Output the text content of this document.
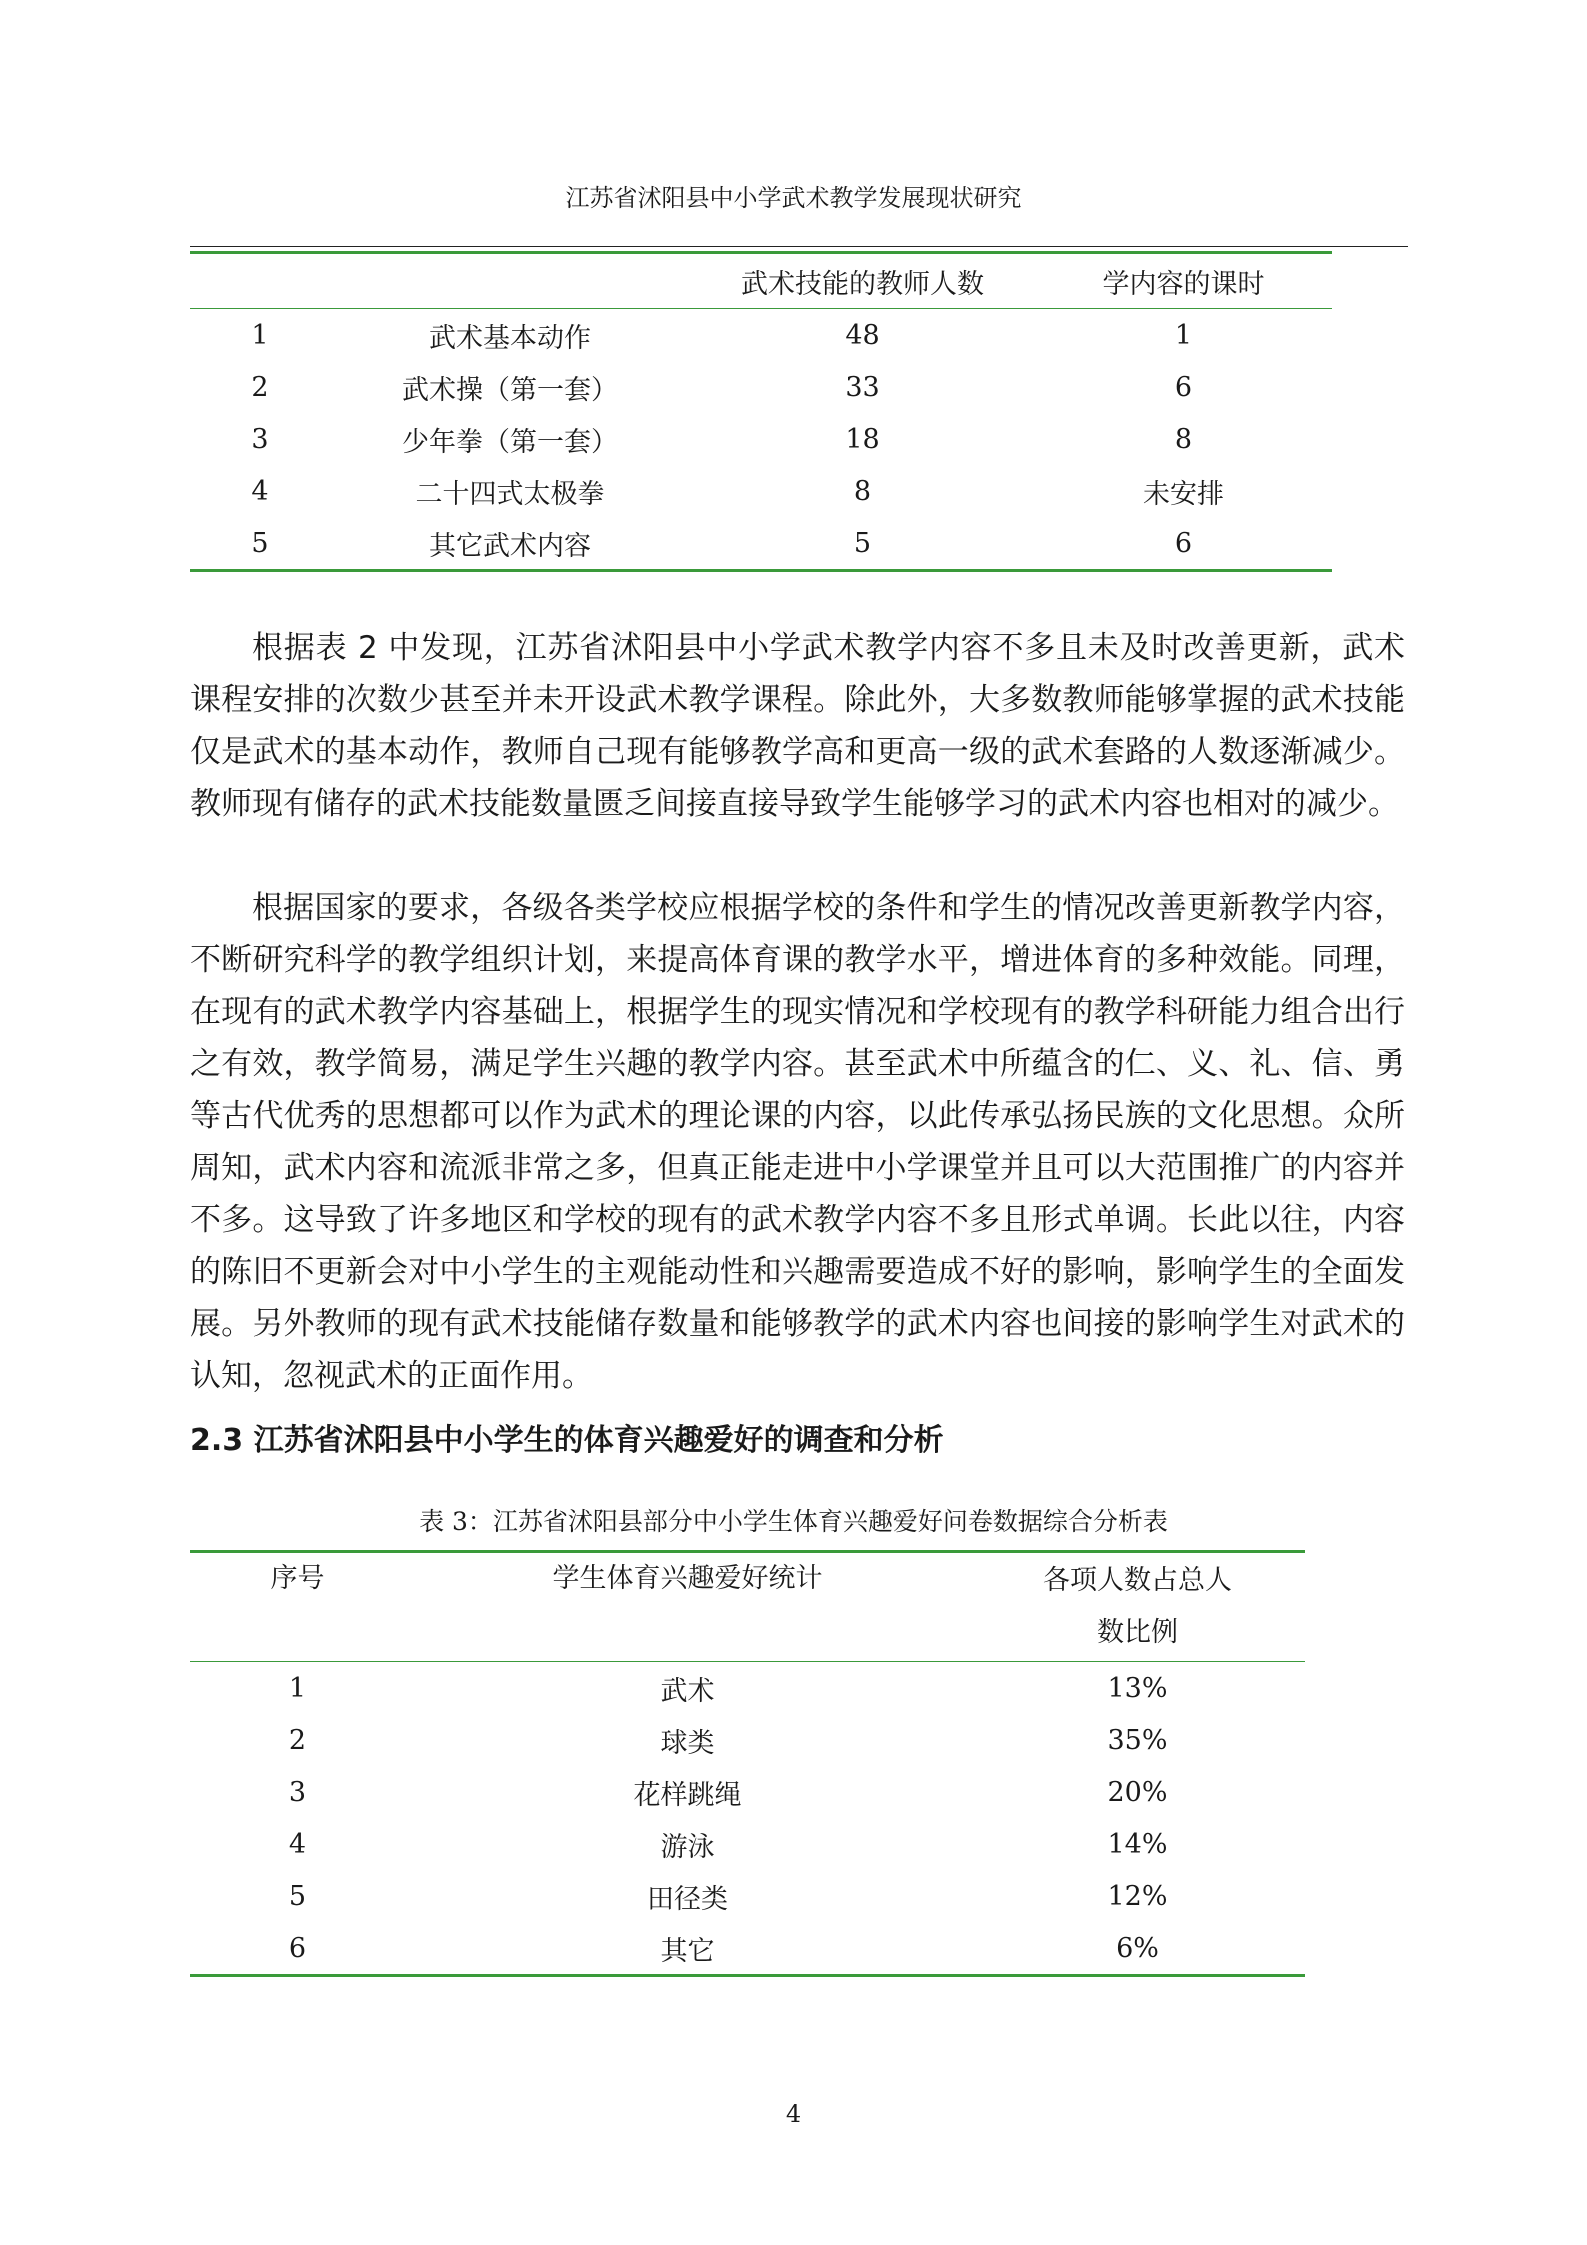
江苏省沭阳县中小学武术教学发展现状研究
		武术技能的教师人数	学内容的课时
1	武术基本动作	48	1
2	武术操（第一套）	33	6
3	少年拳（第一套）	18	8
4	二十四式太极拳	8	未安排
5	其它武术内容	5	6

根据表 2 中发现，江苏省沭阳县中小学武术教学内容不多且未及时改善更新，武术课程安排的次数少甚至并未开设武术教学课程。除此外，大多数教师能够掌握的武术技能仅是武术的基本动作，教师自己现有能够教学高和更高一级的武术套路的人数逐渐减少。教师现有储存的武术技能数量匮乏间接直接导致学生能够学习的武术内容也相对的减少。

根据国家的要求，各级各类学校应根据学校的条件和学生的情况改善更新教学内容，不断研究科学的教学组织计划，来提高体育课的教学水平，增进体育的多种效能。同理，在现有的武术教学内容基础上，根据学生的现实情况和学校现有的教学科研能力组合出行之有效，教学简易，满足学生兴趣的教学内容。甚至武术中所蕴含的仁、义、礼、信、勇等古代优秀的思想都可以作为武术的理论课的内容，以此传承弘扬民族的文化思想。众所周知，武术内容和流派非常之多，但真正能走进中小学课堂并且可以大范围推广的内容并不多。这导致了许多地区和学校的现有的武术教学内容不多且形式单调。长此以往，内容的陈旧不更新会对中小学生的主观能动性和兴趣需要造成不好的影响，影响学生的全面发展。另外教师的现有武术技能储存数量和能够教学的武术内容也间接的影响学生对武术的认知，忽视武术的正面作用。

2.3 江苏省沭阳县中小学生的体育兴趣爱好的调查和分析
表 3：江苏省沭阳县部分中小学生体育兴趣爱好问卷数据综合分析表
序号	学生体育兴趣爱好统计	各项人数占总人
数比例

1	武术	13%
2	球类	35%
3	花样跳绳	20%
4	游泳	14%
5	田径类	12%
6	其它	6%
4
